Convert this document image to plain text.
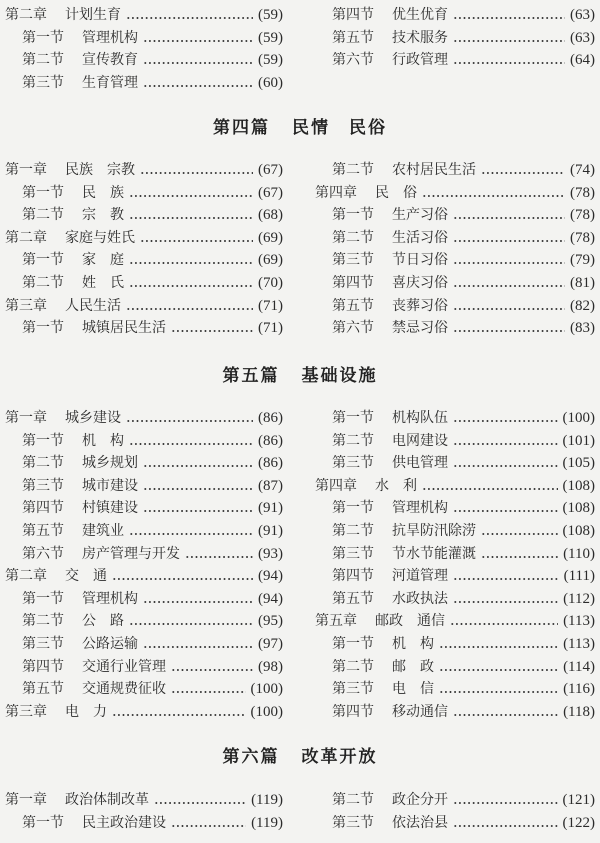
第二章 计划生育	(59)
第一节 管理机构	(59)
第二节 宣传教育	(59)
第三节 生育管理	(60)
第四节 优生优育	(63)
第五节 技术服务	(63)
第六节 行政管理	(64)
第四篇 民情　民俗
第一章 民族　宗教	(67)
第一节 民　族	(67)
第二节 宗　教	(68)
第二章 家庭与姓氏	(69)
第一节 家　庭	(69)
第二节 姓　氏	(70)
第三章 人民生活	(71)
第一节 城镇居民生活	(71)
第二节 农村居民生活	(74)
第四章 民　俗	(78)
第一节 生产习俗	(78)
第二节 生活习俗	(78)
第三节 节日习俗	(79)
第四节 喜庆习俗	(81)
第五节 丧葬习俗	(82)
第六节 禁忌习俗	(83)
第五篇 基础设施
第一章 城乡建设	(86)
第一节 机　构	(86)
第二节 城乡规划	(86)
第三节 城市建设	(87)
第四节 村镇建设	(91)
第五节 建筑业	(91)
第六节 房产管理与开发	(93)
第二章 交　通	(94)
第一节 管理机构	(94)
第二节 公　路	(95)
第三节 公路运输	(97)
第四节 交通行业管理	(98)
第五节 交通规费征收	(100)
第三章 电　力	(100)
第一节 机构队伍	(100)
第二节 电网建设	(101)
第三节 供电管理	(105)
第四章 水　利	(108)
第一节 管理机构	(108)
第二节 抗旱防汛除涝	(108)
第三节 节水节能灌溉	(110)
第四节 河道管理	(111)
第五节 水政执法	(112)
第五章 邮政　通信	(113)
第一节 机　构	(113)
第二节 邮　政	(114)
第三节 电　信	(116)
第四节 移动通信	(118)
第六篇 改革开放
第一章 政治体制改革	(119)
第一节 民主政治建设	(119)
第二节 政企分开	(121)
第三节 依法治县	(122)
